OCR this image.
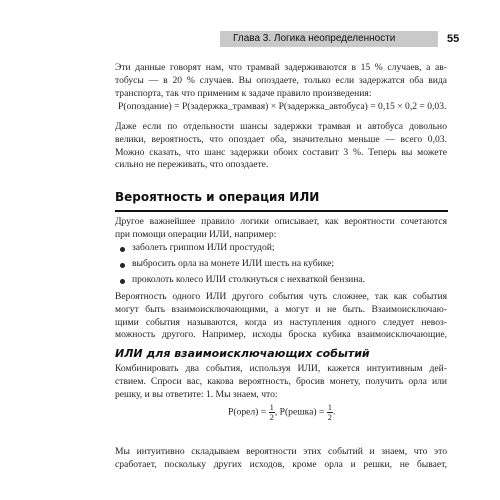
Глава 3. Логика неопределенности	55
Эти данные говорят нам, что трамвай задерживаются в 15 % случаев, а ав-
тобусы — в 20 % случаев. Вы опоздаете, только если задержатся оба вида
транспорта, так что применим к задаче правило произведения:
P(опоздание) = P(задержка_трамвая) × P(задержка_автобуса) = 0,15 × 0,2 = 0,03.
Даже если по отдельности шансы задержки трамвая и автобуса довольно
велики, вероятность, что опоздает оба, значительно меньше — всего 0,03.
Можно сказать, что шанс задержки обоих составит 3 %. Теперь вы можете
сильно не переживать, что опоздаете.
Вероятность и операция ИЛИ
Другое важнейшее правило логики описывает, как вероятности сочетаются
при помощи операции ИЛИ, например:
заболеть гриппом ИЛИ простудой;
выбросить орла на монете ИЛИ шесть на кубике;
проколоть колесо ИЛИ столкнуться с нехваткой бензина.
Вероятность одного ИЛИ другого события чуть сложнее, так как события
могут быть взаимоисключающими, а могут и не быть. Взаимоисключаю-
щими события называются, когда из наступления одного следует невоз-
можность другого. Например, исходы броска кубика взаимоисключающие,
ИЛИ для взаимоисключающих событий
Комбинировать два события, используя ИЛИ, кажется интуитивным дей-
ствием. Спроси вас, какова вероятность, бросив монету, получить орла или
решку, и вы ответите: 1. Мы знаем, что:
P(орел) = $\frac{1}{2}$ , P(решка) = $\frac{1}{2}$ .
Мы интуитивно складываем вероятности этих событий и знаем, что это
сработает, поскольку других исходов, кроме орла и решки, не бывает,
